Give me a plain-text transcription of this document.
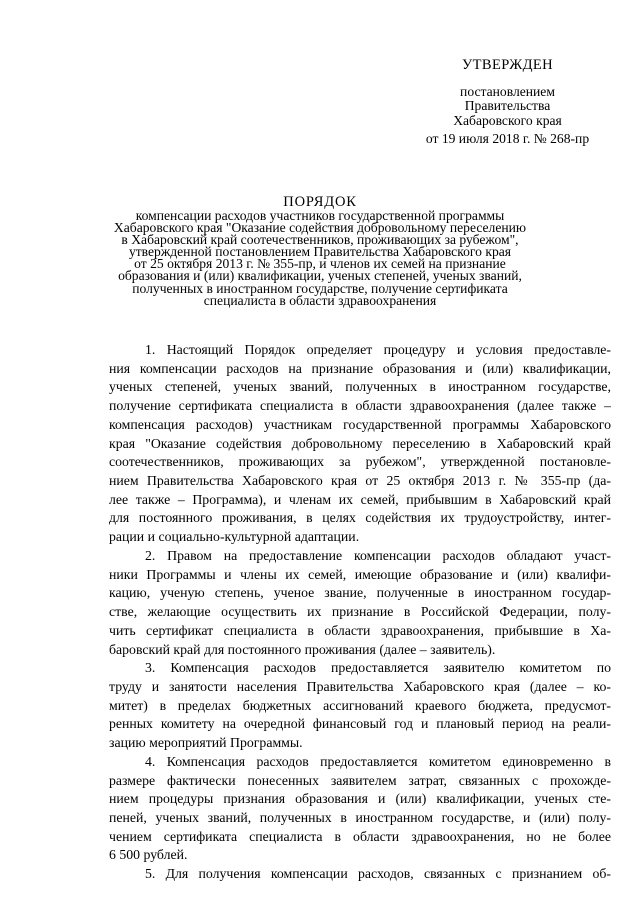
УТВЕРЖДЕН
постановлением
Правительства
Хабаровского края
от 19 июля 2018 г. № 268-пр
ПОРЯДОК
компенсации расходов участников государственной программы
Хабаровского края "Оказание содействия добровольному переселению
в Хабаровский край соотечественников, проживающих за рубежом",
утвержденной постановлением Правительства Хабаровского края
от 25 октября 2013 г. № 355-пр, и членов их семей на признание
образования и (или) квалификации, ученых степеней, ученых званий,
полученных в иностранном государстве, получение сертификата
специалиста в области здравоохранения
1. Настоящий Порядок определяет процедуру и условия предоставле-
ния компенсации расходов на признание образования и (или) квалификации,
ученых степеней, ученых званий, полученных в иностранном государстве,
получение сертификата специалиста в области здравоохранения (далее также –
компенсация расходов) участникам государственной программы Хабаровского
края "Оказание содействия добровольному переселению в Хабаровский край
соотечественников, проживающих за рубежом", утвержденной постановле-
нием Правительства Хабаровского края от 25 октября 2013 г. № 355-пр (да-
лее также – Программа), и членам их семей, прибывшим в Хабаровский край
для постоянного проживания, в целях содействия их трудоустройству, интег-
рации и социально-культурной адаптации.
2. Правом на предоставление компенсации расходов обладают участ-
ники Программы и члены их семей, имеющие образование и (или) квалифи-
кацию, ученую степень, ученое звание, полученные в иностранном государ-
стве, желающие осуществить их признание в Российской Федерации, полу-
чить сертификат специалиста в области здравоохранения, прибывшие в Ха-
баровский край для постоянного проживания (далее – заявитель).
3. Компенсация расходов предоставляется заявителю комитетом по
труду и занятости населения Правительства Хабаровского края (далее – ко-
митет) в пределах бюджетных ассигнований краевого бюджета, предусмот-
ренных комитету на очередной финансовый год и плановый период на реали-
зацию мероприятий Программы.
4. Компенсация расходов предоставляется комитетом единовременно в
размере фактически понесенных заявителем затрат, связанных с прохожде-
нием процедуры признания образования и (или) квалификации, ученых сте-
пеней, ученых званий, полученных в иностранном государстве, и (или) полу-
чением сертификата специалиста в области здравоохранения, но не более
6 500 рублей.
5. Для получения компенсации расходов, связанных с признанием об-
